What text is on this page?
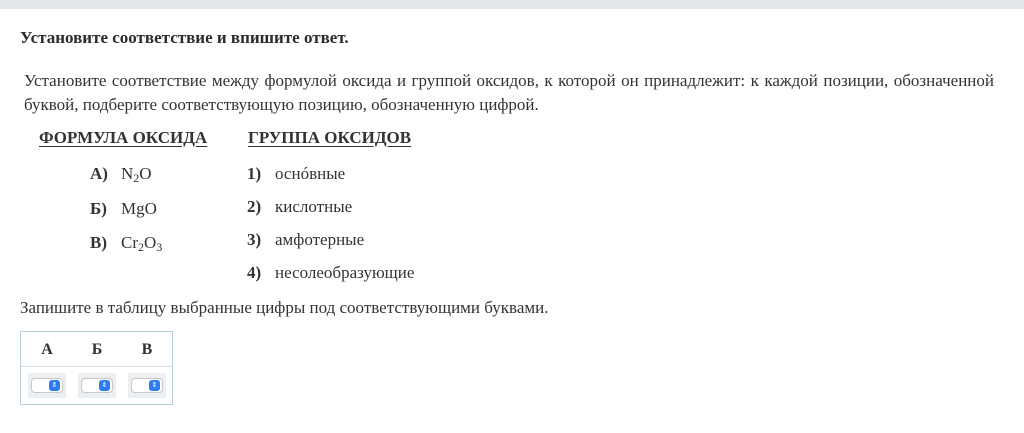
Установите соответствие и впишите ответ.
Установите соответствие между формулой оксида и группой оксидов, к которой он принадлежит: к каждой позиции, обозначенной буквой, подберите соответствующую позицию, обозначенную цифрой.
ФОРМУЛА ОКСИДА ГРУППА ОКСИДОВ
А) $N_2O$
Б) MgO
В) $Cr_2O_3$
1) оснóвные
2) кислотные
3) амфотерные
4) несолеобразующие
Запишите в таблицу выбранные цифры под соответствующими буквами.
А	Б	В
⇕	⇕	⇕
